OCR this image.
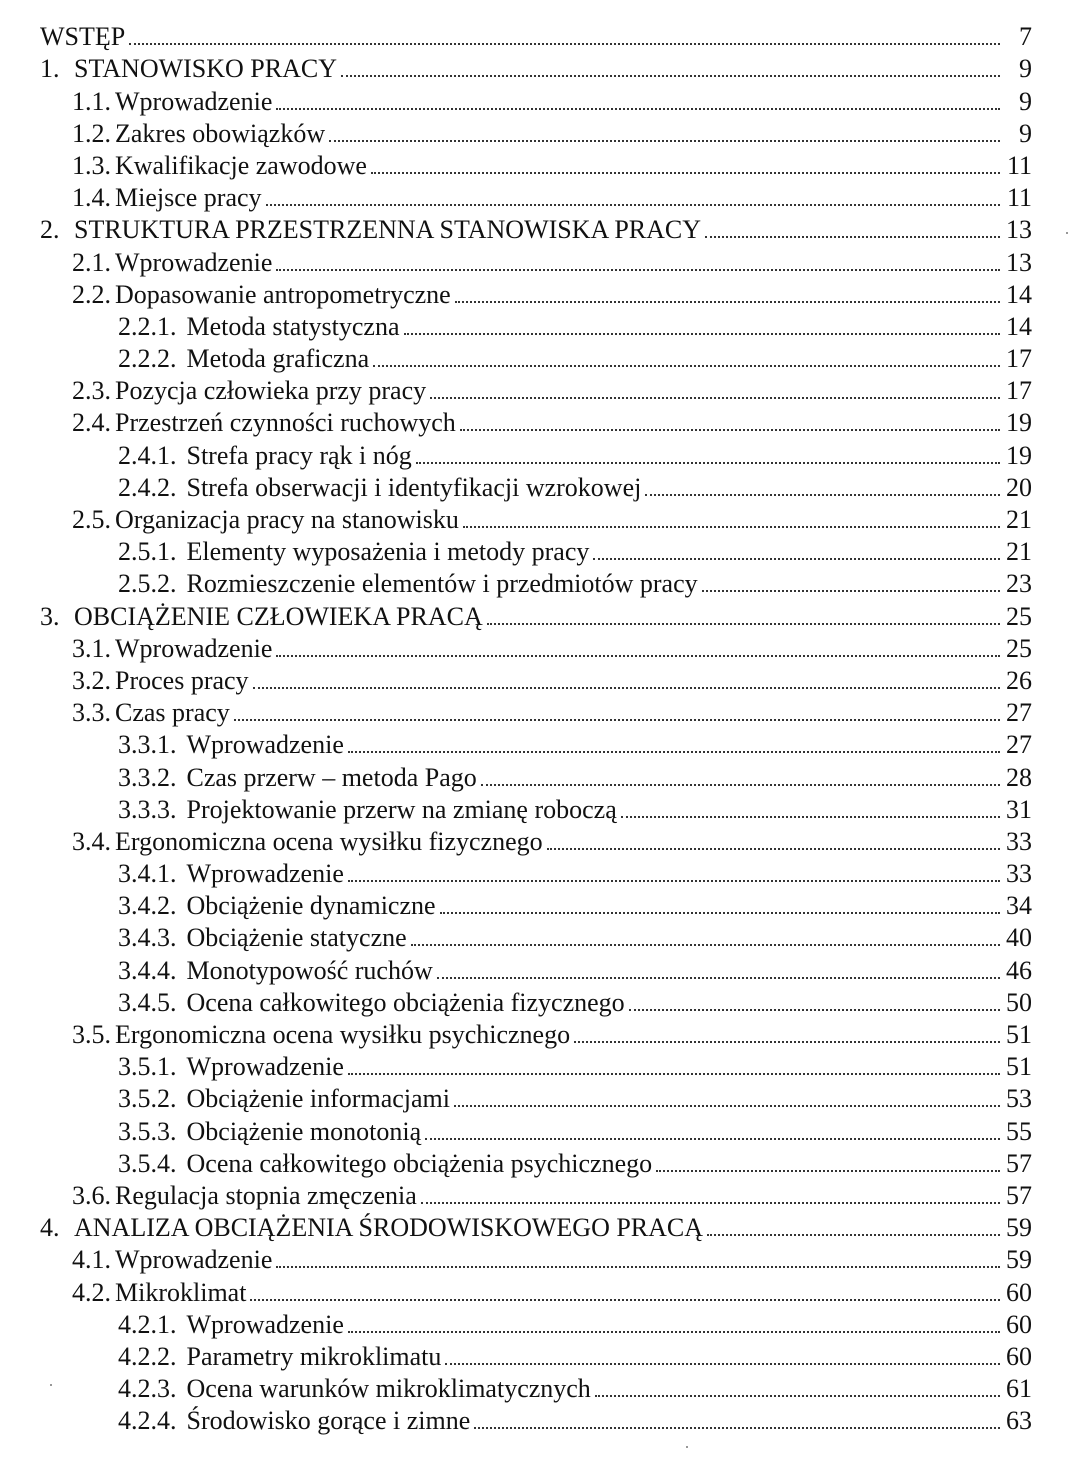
WSTĘP	7
1. STANOWISKO PRACY	9
1.1. Wprowadzenie	9
1.2. Zakres obowiązków	9
1.3. Kwalifikacje zawodowe	11
1.4. Miejsce pracy	11
2. STRUKTURA PRZESTRZENNA STANOWISKA PRACY	13
2.1. Wprowadzenie	13
2.2. Dopasowanie antropometryczne	14
2.2.1. Metoda statystyczna	14
2.2.2. Metoda graficzna	17
2.3. Pozycja człowieka przy pracy	17
2.4. Przestrzeń czynności ruchowych	19
2.4.1. Strefa pracy rąk i nóg	19
2.4.2. Strefa obserwacji i identyfikacji wzrokowej	20
2.5. Organizacja pracy na stanowisku	21
2.5.1. Elementy wyposażenia i metody pracy	21
2.5.2. Rozmieszczenie elementów i przedmiotów pracy	23
3. OBCIĄŻENIE CZŁOWIEKA PRACĄ	25
3.1. Wprowadzenie	25
3.2. Proces pracy	26
3.3. Czas pracy	27
3.3.1. Wprowadzenie	27
3.3.2. Czas przerw – metoda Pago	28
3.3.3. Projektowanie przerw na zmianę roboczą	31
3.4. Ergonomiczna ocena wysiłku fizycznego	33
3.4.1. Wprowadzenie	33
3.4.2. Obciążenie dynamiczne	34
3.4.3. Obciążenie statyczne	40
3.4.4. Monotypowość ruchów	46
3.4.5. Ocena całkowitego obciążenia fizycznego	50
3.5. Ergonomiczna ocena wysiłku psychicznego	51
3.5.1. Wprowadzenie	51
3.5.2. Obciążenie informacjami	53
3.5.3. Obciążenie monotonią	55
3.5.4. Ocena całkowitego obciążenia psychicznego	57
3.6. Regulacja stopnia zmęczenia	57
4. ANALIZA OBCIĄŻENIA ŚRODOWISKOWEGO PRACĄ	59
4.1. Wprowadzenie	59
4.2. Mikroklimat	60
4.2.1. Wprowadzenie	60
4.2.2. Parametry mikroklimatu	60
4.2.3. Ocena warunków mikroklimatycznych	61
4.2.4. Środowisko gorące i zimne	63
